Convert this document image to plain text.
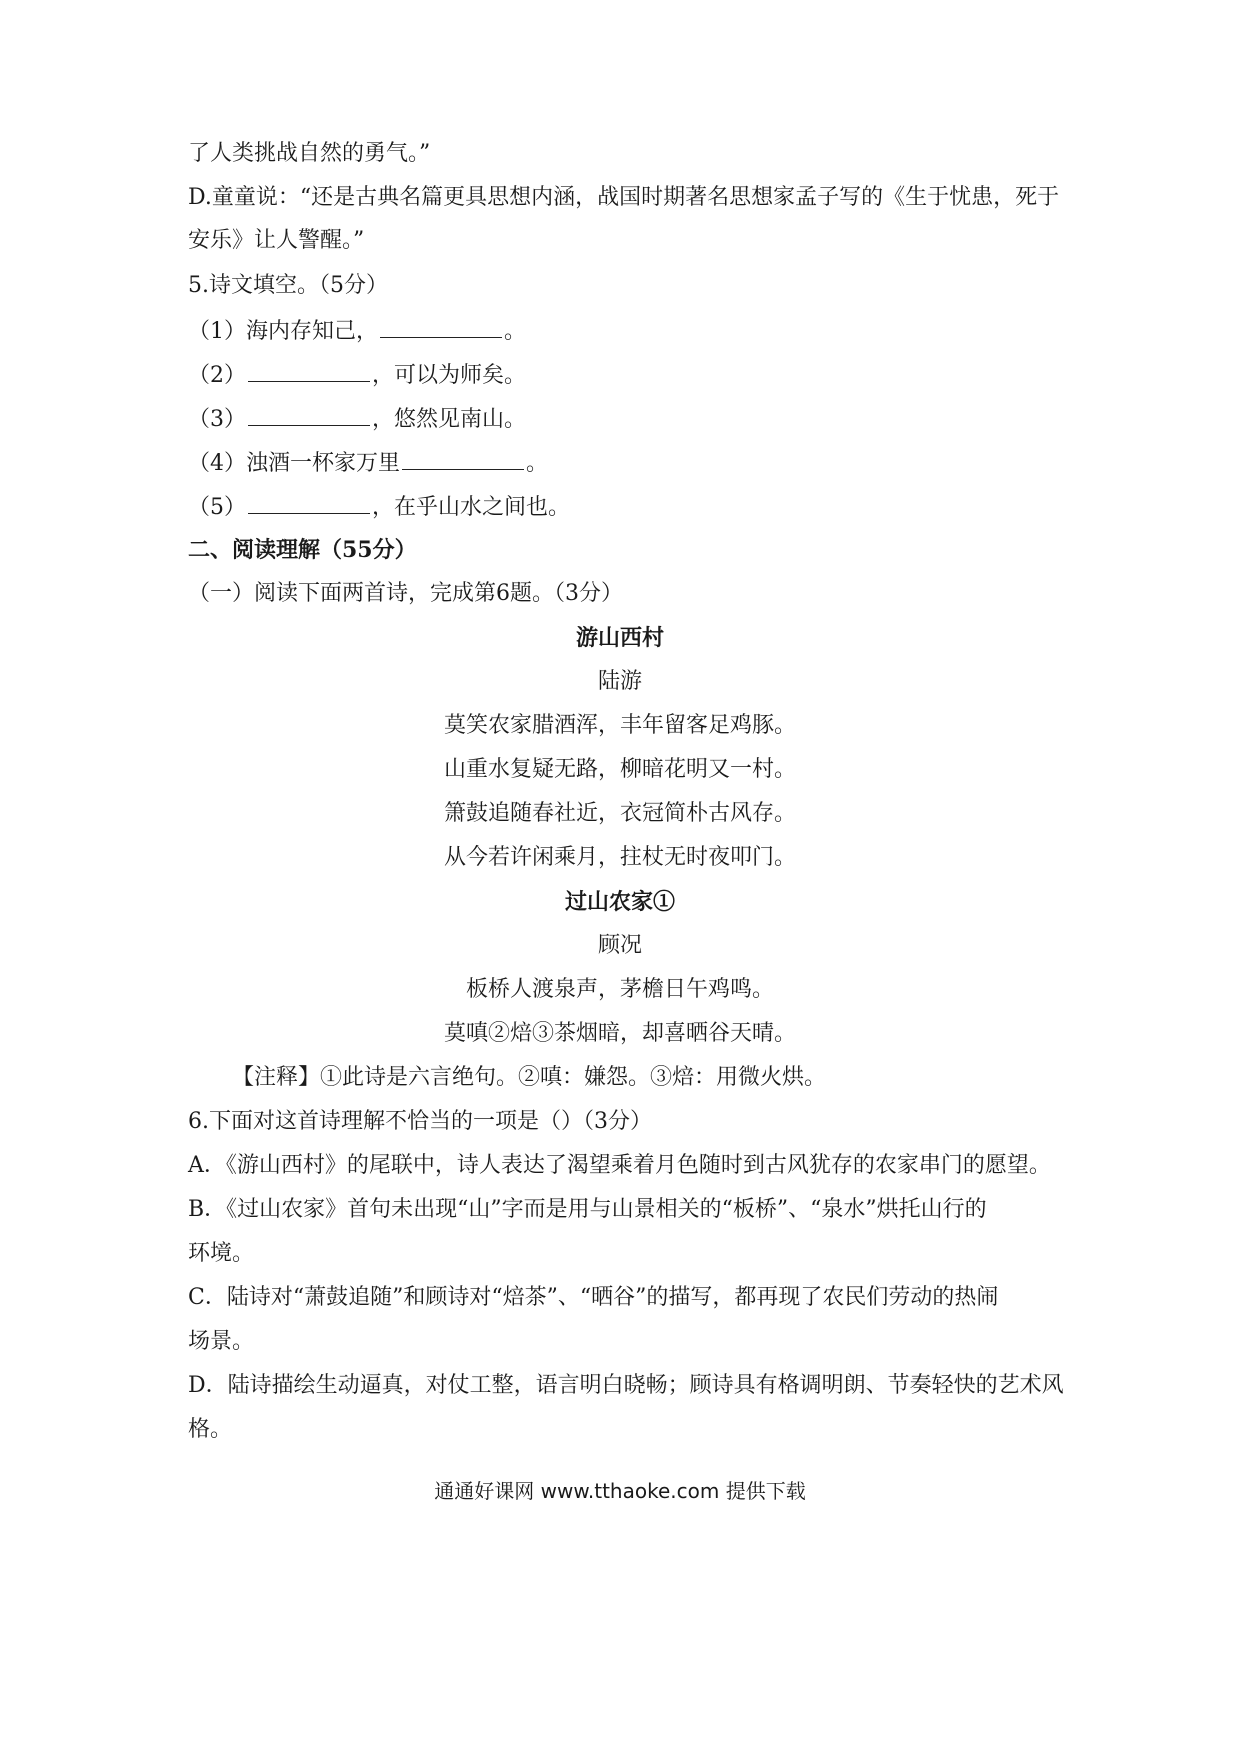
了人类挑战自然的勇气。”

D.童童说：“还是古典名篇更具思想内涵，战国时期著名思想家孟子写的《生于忧患，死于

安乐》让人警醒。”

5.诗文填空。（5分）

（1）海内存知己，	。

（2）	，可以为师矣。

（3）	，悠然见南山。

（4）浊酒一杯家万里	。

（5）	，在乎山水之间也。

二、阅读理解（55分）

（一）阅读下面两首诗，完成第6题。（3分）

游山西村

陆游

莫笑农家腊酒浑，丰年留客足鸡豚。

山重水复疑无路，柳暗花明又一村。

箫鼓追随春社近，衣冠简朴古风存。

从今若许闲乘月，拄杖无时夜叩门。

过山农家①

顾况

板桥人渡泉声，茅檐日午鸡鸣。

莫嗔②焙③茶烟暗，却喜晒谷天晴。

【注释】①此诗是六言绝句。②嗔：嫌怨。③焙：用微火烘。

6.下面对这首诗理解不恰当的一项是（）（3分）

A．《游山西村》的尾联中，诗人表达了渴望乘着月色随时到古风犹存的农家串门的愿望。

B．《过山农家》首句未出现“山”字而是用与山景相关的“板桥”、“泉水”烘托山行的

环境。

C．陆诗对“萧鼓追随”和顾诗对“焙茶”、“晒谷”的描写，都再现了农民们劳动的热闹

场景。

D．陆诗描绘生动逼真，对仗工整，语言明白晓畅；顾诗具有格调明朗、节奏轻快的艺术风

格。

通通好课网 www.tthaoke.com 提供下载
